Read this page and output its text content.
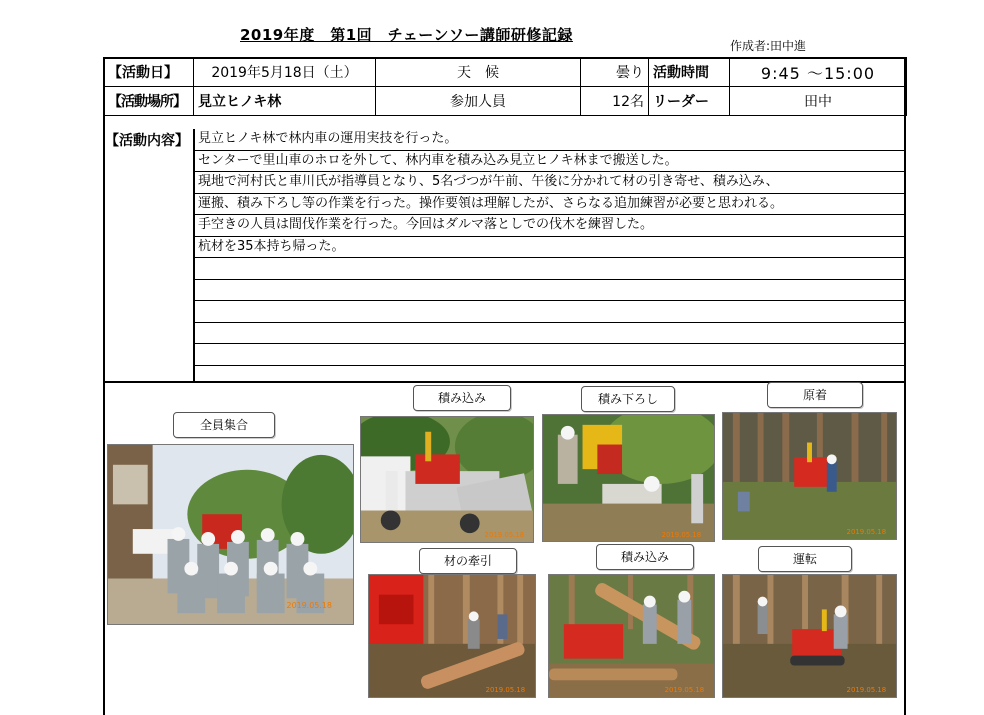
2019年度　第1回　チェーンソー講師研修記録
作成者:田中進
【活動日】	2019年5月18日（土）	天　候	曇り	活動時間	9:45 ～15:00
【活動場所】	見立ヒノキ林	参加人員	12名	リーダー	田中
【活動内容】 見立ヒノキ林で林内車の運用実技を行った。
センターで里山車のホロを外して、林内車を積み込み見立ヒノキ林まで搬送した。
現地で河村氏と車川氏が指導員となり、5名づつが午前、午後に分かれて材の引き寄せ、積み込み、
運搬、積み下ろし等の作業を行った。操作要領は理解したが、さらなる追加練習が必要と思われる。
手空きの人員は間伐作業を行った。今回はダルマ落としでの伐木を練習した。
杭材を35本持ち帰った。
全員集合
積み込み	積み下ろし	原着
材の牽引	積み込み	運転
2019.05.18
2019.05.18	2019.05.18	2019.05.18
2019.05.18	2019.05.18	2019.05.18
